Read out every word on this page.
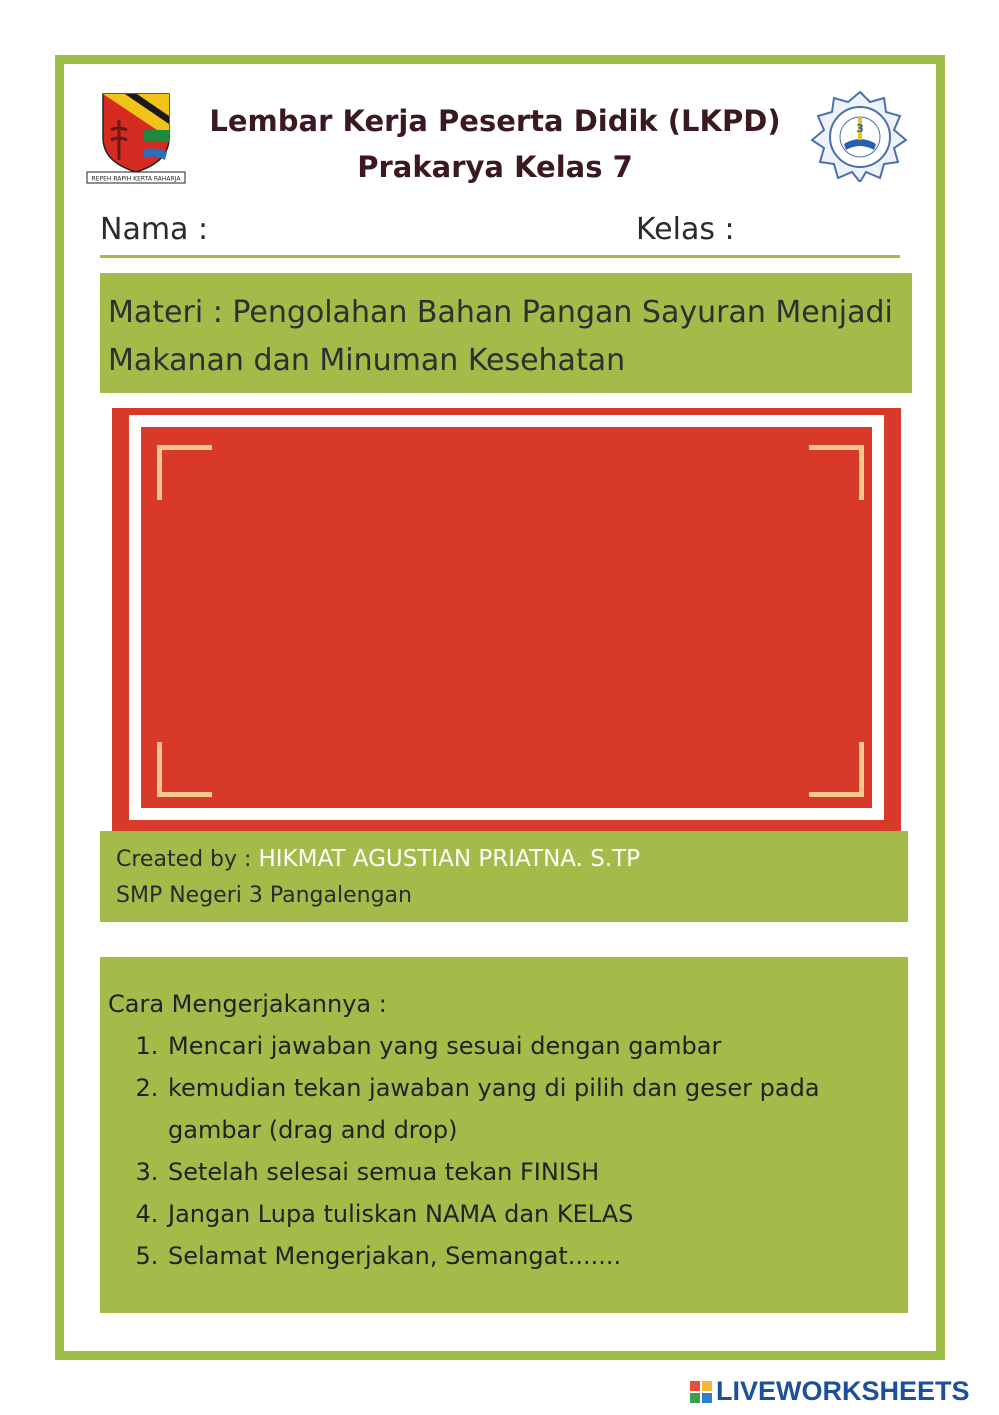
REPEH RAPIH KERTA RAHARJA
3
Lembar Kerja Peserta Didik (LKPD)
Prakarya Kelas 7
Nama :	Kelas :
Materi : Pengolahan Bahan Pangan Sayuran Menjadi
Makanan dan Minuman Kesehatan
Created by : HIKMAT AGUSTIAN PRIATNA. S.TP
SMP Negeri 3 Pangalengan
Cara Mengerjakannya :
1. Mencari jawaban yang sesuai dengan gambar
2. kemudian tekan jawaban yang di pilih dan geser pada gambar (drag and drop)
3. Setelah selesai semua tekan FINISH
4. Jangan Lupa tuliskan NAMA dan KELAS
5. Selamat Mengerjakan, Semangat.......
LIVEWORKSHEETS
